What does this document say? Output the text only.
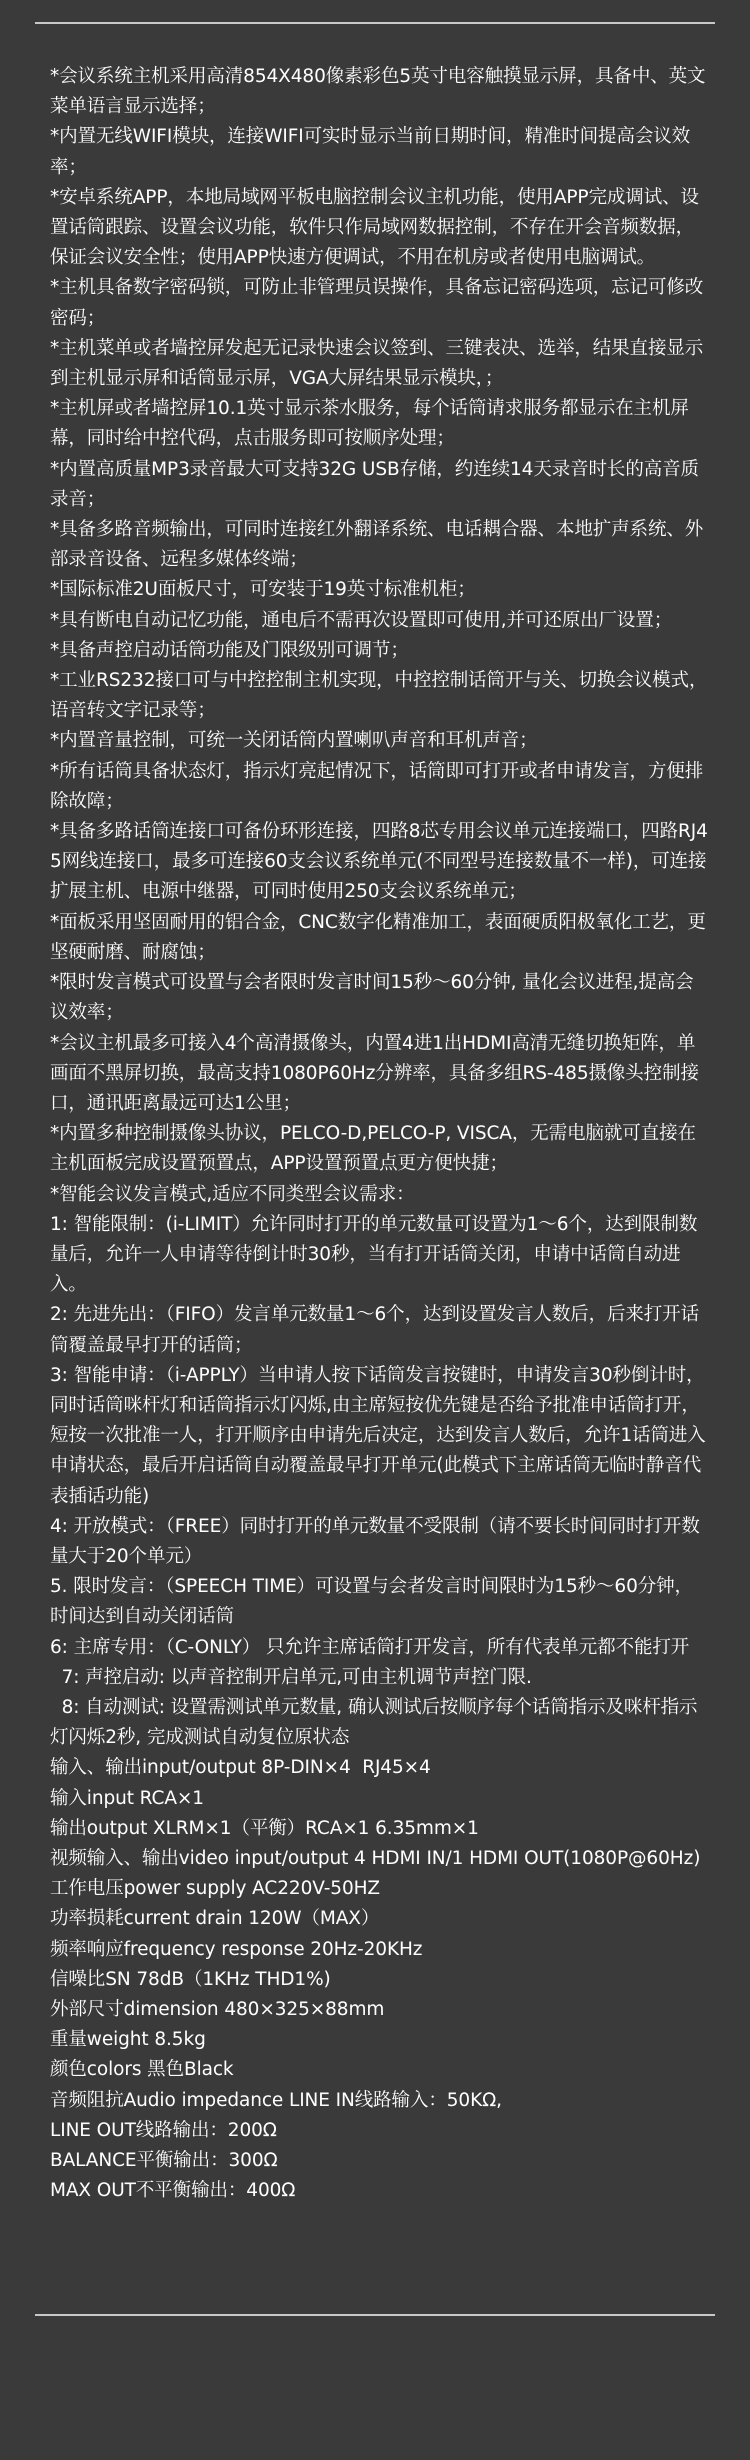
*会议系统主机采用高清854X480像素彩色5英寸电容触摸显示屏，具备中、英文菜单语言显示选择；

*内置无线WIFI模块，连接WIFI可实时显示当前日期时间，精准时间提高会议效率；

*安卓系统APP，本地局域网平板电脑控制会议主机功能，使用APP完成调试、设置话筒跟踪、设置会议功能，软件只作局域网数据控制，不存在开会音频数据，保证会议安全性；使用APP快速方便调试，不用在机房或者使用电脑调试。

*主机具备数字密码锁，可防止非管理员误操作，具备忘记密码选项，忘记可修改密码；

*主机菜单或者墙控屏发起无记录快速会议签到、三键表决、选举，结果直接显示到主机显示屏和话筒显示屏，VGA大屏结果显示模块，；

*主机屏或者墙控屏10.1英寸显示茶水服务，每个话筒请求服务都显示在主机屏幕，同时给中控代码，点击服务即可按顺序处理；

*内置高质量MP3录音最大可支持32G USB存储，约连续14天录音时长的高音质录音；

*具备多路音频输出，可同时连接红外翻译系统、电话耦合器、本地扩声系统、外部录音设备、远程多媒体终端；

*国际标准2U面板尺寸，可安装于19英寸标准机柜；

*具有断电自动记忆功能，通电后不需再次设置即可使用,并可还原出厂设置；

*具备声控启动话筒功能及门限级别可调节；

*工业RS232接口可与中控控制主机实现，中控控制话筒开与关、切换会议模式，语音转文字记录等；

*内置音量控制，可统一关闭话筒内置喇叭声音和耳机声音；

*所有话筒具备状态灯，指示灯亮起情况下，话筒即可打开或者申请发言，方便排除故障；

*具备多路话筒连接口可备份环形连接，四路8芯专用会议单元连接端口，四路RJ45网线连接口，最多可连接60支会议系统单元(不同型号连接数量不一样)，可连接扩展主机、电源中继器，可同时使用250支会议系统单元；

*面板采用坚固耐用的铝合金，CNC数字化精准加工，表面硬质阳极氧化工艺，更坚硬耐磨、耐腐蚀；

*限时发言模式可设置与会者限时发言时间15秒～60分钟, 量化会议进程,提高会议效率；

*会议主机最多可接入4个高清摄像头，内置4进1出HDMI高清无缝切换矩阵，单画面不黑屏切换，最高支持1080P60Hz分辨率，具备多组RS-485摄像头控制接口，通讯距离最远可达1公里；

*内置多种控制摄像头协议，PELCO-D,PELCO-P, VISCA，无需电脑就可直接在主机面板完成设置预置点，APP设置预置点更方便快捷；

*智能会议发言模式,适应不同类型会议需求：

1: 智能限制：(i-LIMIT）允许同时打开的单元数量可设置为1～6个，达到限制数量后，允许一人申请等待倒计时30秒，当有打开话筒关闭，申请中话筒自动进入。

2: 先进先出：（FIFO）发言单元数量1～6个，达到设置发言人数后，后来打开话筒覆盖最早打开的话筒；

3: 智能申请：（i-APPLY）当申请人按下话筒发言按键时，申请发言30秒倒计时，同时话筒咪杆灯和话筒指示灯闪烁,由主席短按优先键是否给予批准申话筒打开，短按一次批准一人，打开顺序由申请先后决定，达到发言人数后，允许1话筒进入申请状态，最后开启话筒自动覆盖最早打开单元(此模式下主席话筒无临时静音代表插话功能)

4: 开放模式：（FREE）同时打开的单元数量不受限制（请不要长时间同时打开数量大于20个单元）

5. 限时发言：（SPEECH TIME）可设置与会者发言时间限时为15秒～60分钟，时间达到自动关闭话筒

6: 主席专用：（C-ONLY） 只允许主席话筒打开发言，所有代表单元都不能打开

7: 声控启动: 以声音控制开启单元,可由主机调节声控门限.

8: 自动测试: 设置需测试单元数量, 确认测试后按顺序每个话筒指示及咪杆指示灯闪烁2秒, 完成测试自动复位原状态

输入、输出input/output 8P-DIN×4  RJ45×4

输入input RCA×1

输出output XLRM×1（平衡）RCA×1 6.35mm×1

视频输入、输出video input/output 4 HDMI IN/1 HDMI OUT(1080P@60Hz)

工作电压power supply AC220V-50HZ

功率损耗current drain 120W（MAX）

频率响应frequency response 20Hz-20KHz

信噪比SN 78dB（1KHz THD1%)

外部尺寸dimension 480×325×88mm

重量weight 8.5kg

颜色colors 黑色Black

音频阻抗Audio impedance LINE IN线路输入：50KΩ,

LINE OUT线路输出：200Ω

BALANCE平衡输出：300Ω

MAX OUT不平衡输出：400Ω
